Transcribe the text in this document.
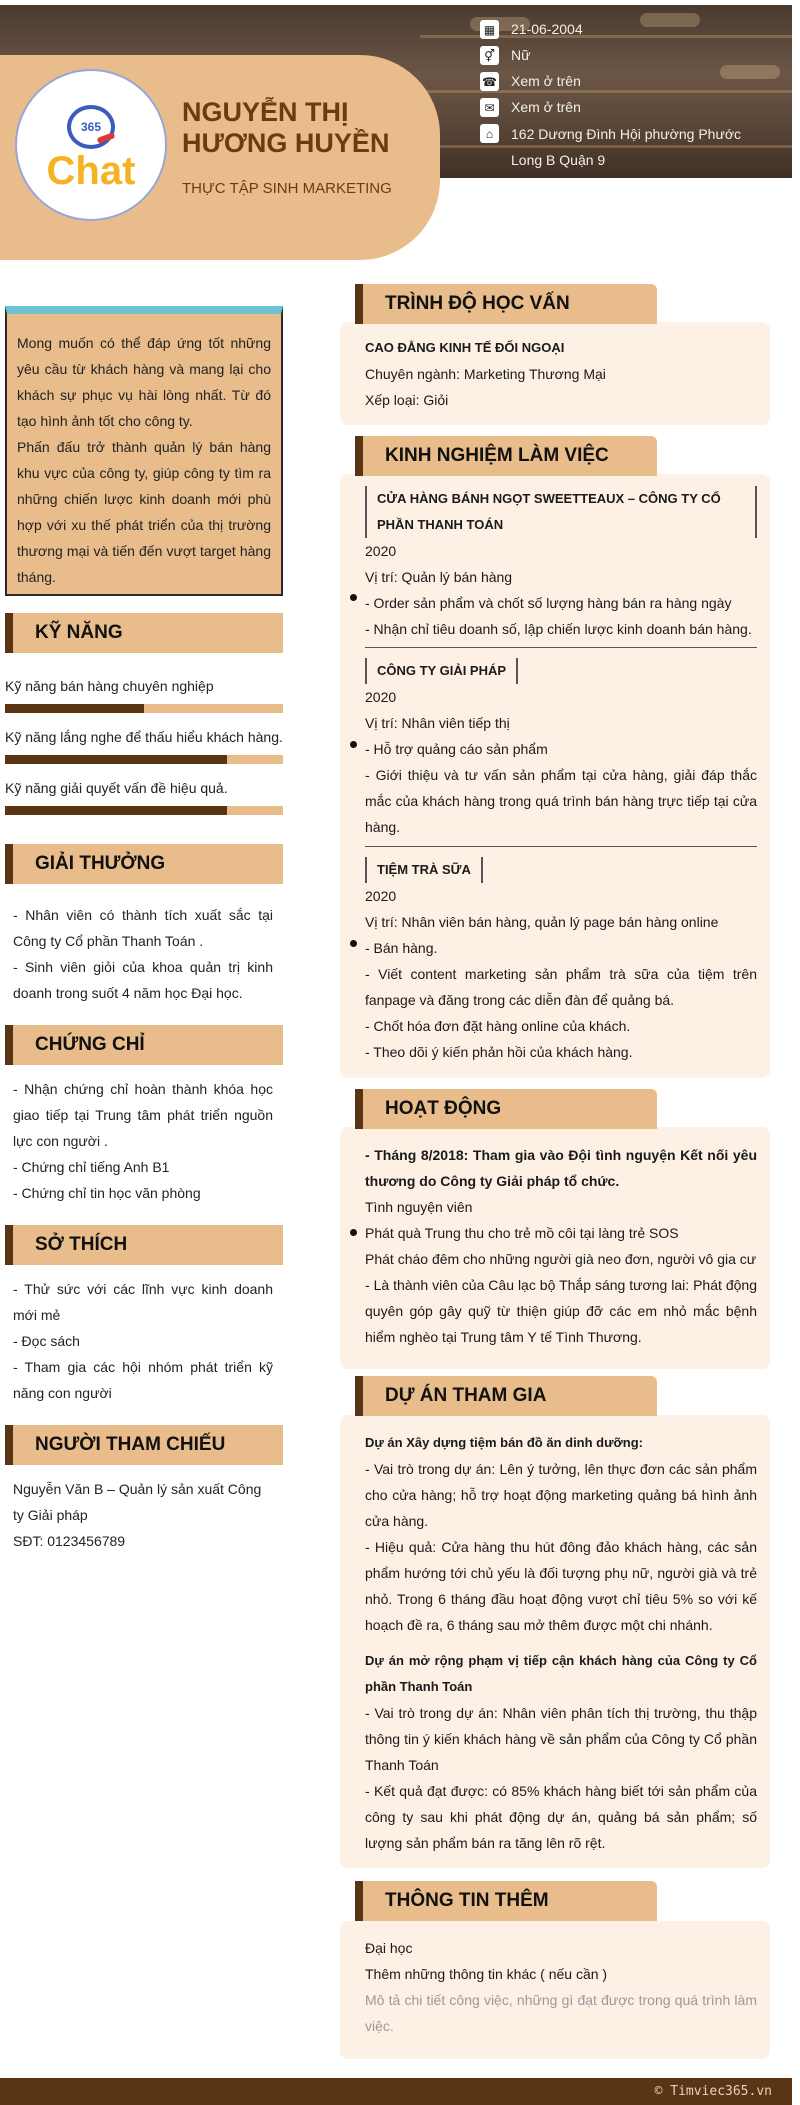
365
Chat
NGUYỄN THỊ HƯƠNG HUYỀN
THỰC TẬP SINH MARKETING
▦ 21-06-2004
⚥ Nữ
☎ Xem ở trên
✉	Xem ở trên
⌂	162 Dương Đình Hội phường Phước Long B Quận 9

Mong muốn có thể đáp ứng tốt những yêu cầu từ khách hàng và mang lại cho khách sự phục vụ hài lòng nhất. Từ đó tạo hình ảnh tốt cho công ty.

Phấn đấu trở thành quản lý bán hàng khu vực của công ty, giúp công ty tìm ra những chiến lược kinh doanh mới phù hợp với xu thế phát triển của thị trường thương mại và tiến đến vượt target hàng tháng.

KỸ NĂNG
Kỹ năng bán hàng chuyên nghiệp
Kỹ năng lắng nghe để thấu hiểu khách hàng.
Kỹ năng giải quyết vấn đề hiệu quả.
GIẢI THƯỞNG

- Nhân viên có thành tích xuất sắc tại Công ty Cổ phần Thanh Toán .

- Sinh viên giỏi của khoa quản trị kinh doanh trong suốt 4 năm học Đại học.

CHỨNG CHỈ

- Nhận chứng chỉ hoàn thành khóa học giao tiếp tại Trung tâm phát triển nguồn lực con người .

- Chứng chỉ tiếng Anh B1

- Chứng chỉ tin học văn phòng

SỞ THÍCH

- Thử sức với các lĩnh vực kinh doanh mới mẻ

- Đọc sách

- Tham gia các hội nhóm phát triển kỹ năng con người

NGƯỜI THAM CHIẾU

Nguyễn Văn B – Quản lý sản xuất Công ty Giải pháp

SĐT: 0123456789

TRÌNH ĐỘ HỌC VẤN

CAO ĐẲNG KINH TẾ ĐỐI NGOẠI

Chuyên ngành: Marketing Thương Mại

Xếp loại: Giỏi

KINH NGHIỆM LÀM VIỆC
CỬA HÀNG BÁNH NGỌT SWEETTEAUX – CÔNG TY CỔ PHẦN THANH TOÁN

2020

Vị trí: Quản lý bán hàng

- Order sản phẩm và chốt số lượng hàng bán ra hàng ngày

- Nhận chỉ tiêu doanh số, lập chiến lược kinh doanh bán hàng.

CÔNG TY GIẢI PHÁP

2020

Vị trí: Nhân viên tiếp thị

- Hỗ trợ quảng cáo sản phẩm

- Giới thiệu và tư vấn sản phẩm tại cửa hàng, giải đáp thắc mắc của khách hàng trong quá trình bán hàng trực tiếp tại cửa hàng.

TIỆM TRÀ SỮA

2020

Vị trí: Nhân viên bán hàng, quản lý page bán hàng online

- Bán hàng.

- Viết content marketing sản phẩm trà sữa của tiệm trên fanpage và đăng trong các diễn đàn để quảng bá.

- Chốt hóa đơn đặt hàng online của khách.

- Theo dõi ý kiến phản hồi của khách hàng.

HOẠT ĐỘNG

- Tháng 8/2018: Tham gia vào Đội tình nguyện Kết nối yêu thương do Công ty Giải pháp tổ chức.

Tình nguyện viên

Phát quà Trung thu cho trẻ mồ côi tại làng trẻ SOS

Phát cháo đêm cho những người già neo đơn, người vô gia cư

- Là thành viên của Câu lạc bộ Thắp sáng tương lai: Phát động quyên góp gây quỹ từ thiện giúp đỡ các em nhỏ mắc bệnh hiểm nghèo tại Trung tâm Y tế Tình Thương.

DỰ ÁN THAM GIA

Dự án Xây dựng tiệm bán đồ ăn dinh dưỡng:

- Vai trò trong dự án: Lên ý tưởng, lên thực đơn các sản phẩm cho cửa hàng; hỗ trợ hoạt động marketing quảng bá hình ảnh cửa hàng.

- Hiệu quả: Cửa hàng thu hút đông đảo khách hàng, các sản phẩm hướng tới chủ yếu là đối tượng phụ nữ, người già và trẻ nhỏ. Trong 6 tháng đầu hoạt động vượt chỉ tiêu 5% so với kế hoạch đề ra, 6 tháng sau mở thêm được một chi nhánh.

Dự án mở rộng phạm vị tiếp cận khách hàng của Công ty Cổ phần Thanh Toán

- Vai trò trong dự án: Nhân viên phân tích thị trường, thu thập thông tin ý kiến khách hàng về sản phẩm của Công ty Cổ phần Thanh Toán

- Kết quả đạt được: có 85% khách hàng biết tới sản phẩm của công ty sau khi phát động dự án, quảng bá sản phẩm; số lượng sản phẩm bán ra tăng lên rõ rệt.

THÔNG TIN THÊM

Đại học

Thêm những thông tin khác ( nếu cần )

Mô tả chi tiết công việc, những gì đạt được trong quá trình làm việc.

© Timviec365.vn
